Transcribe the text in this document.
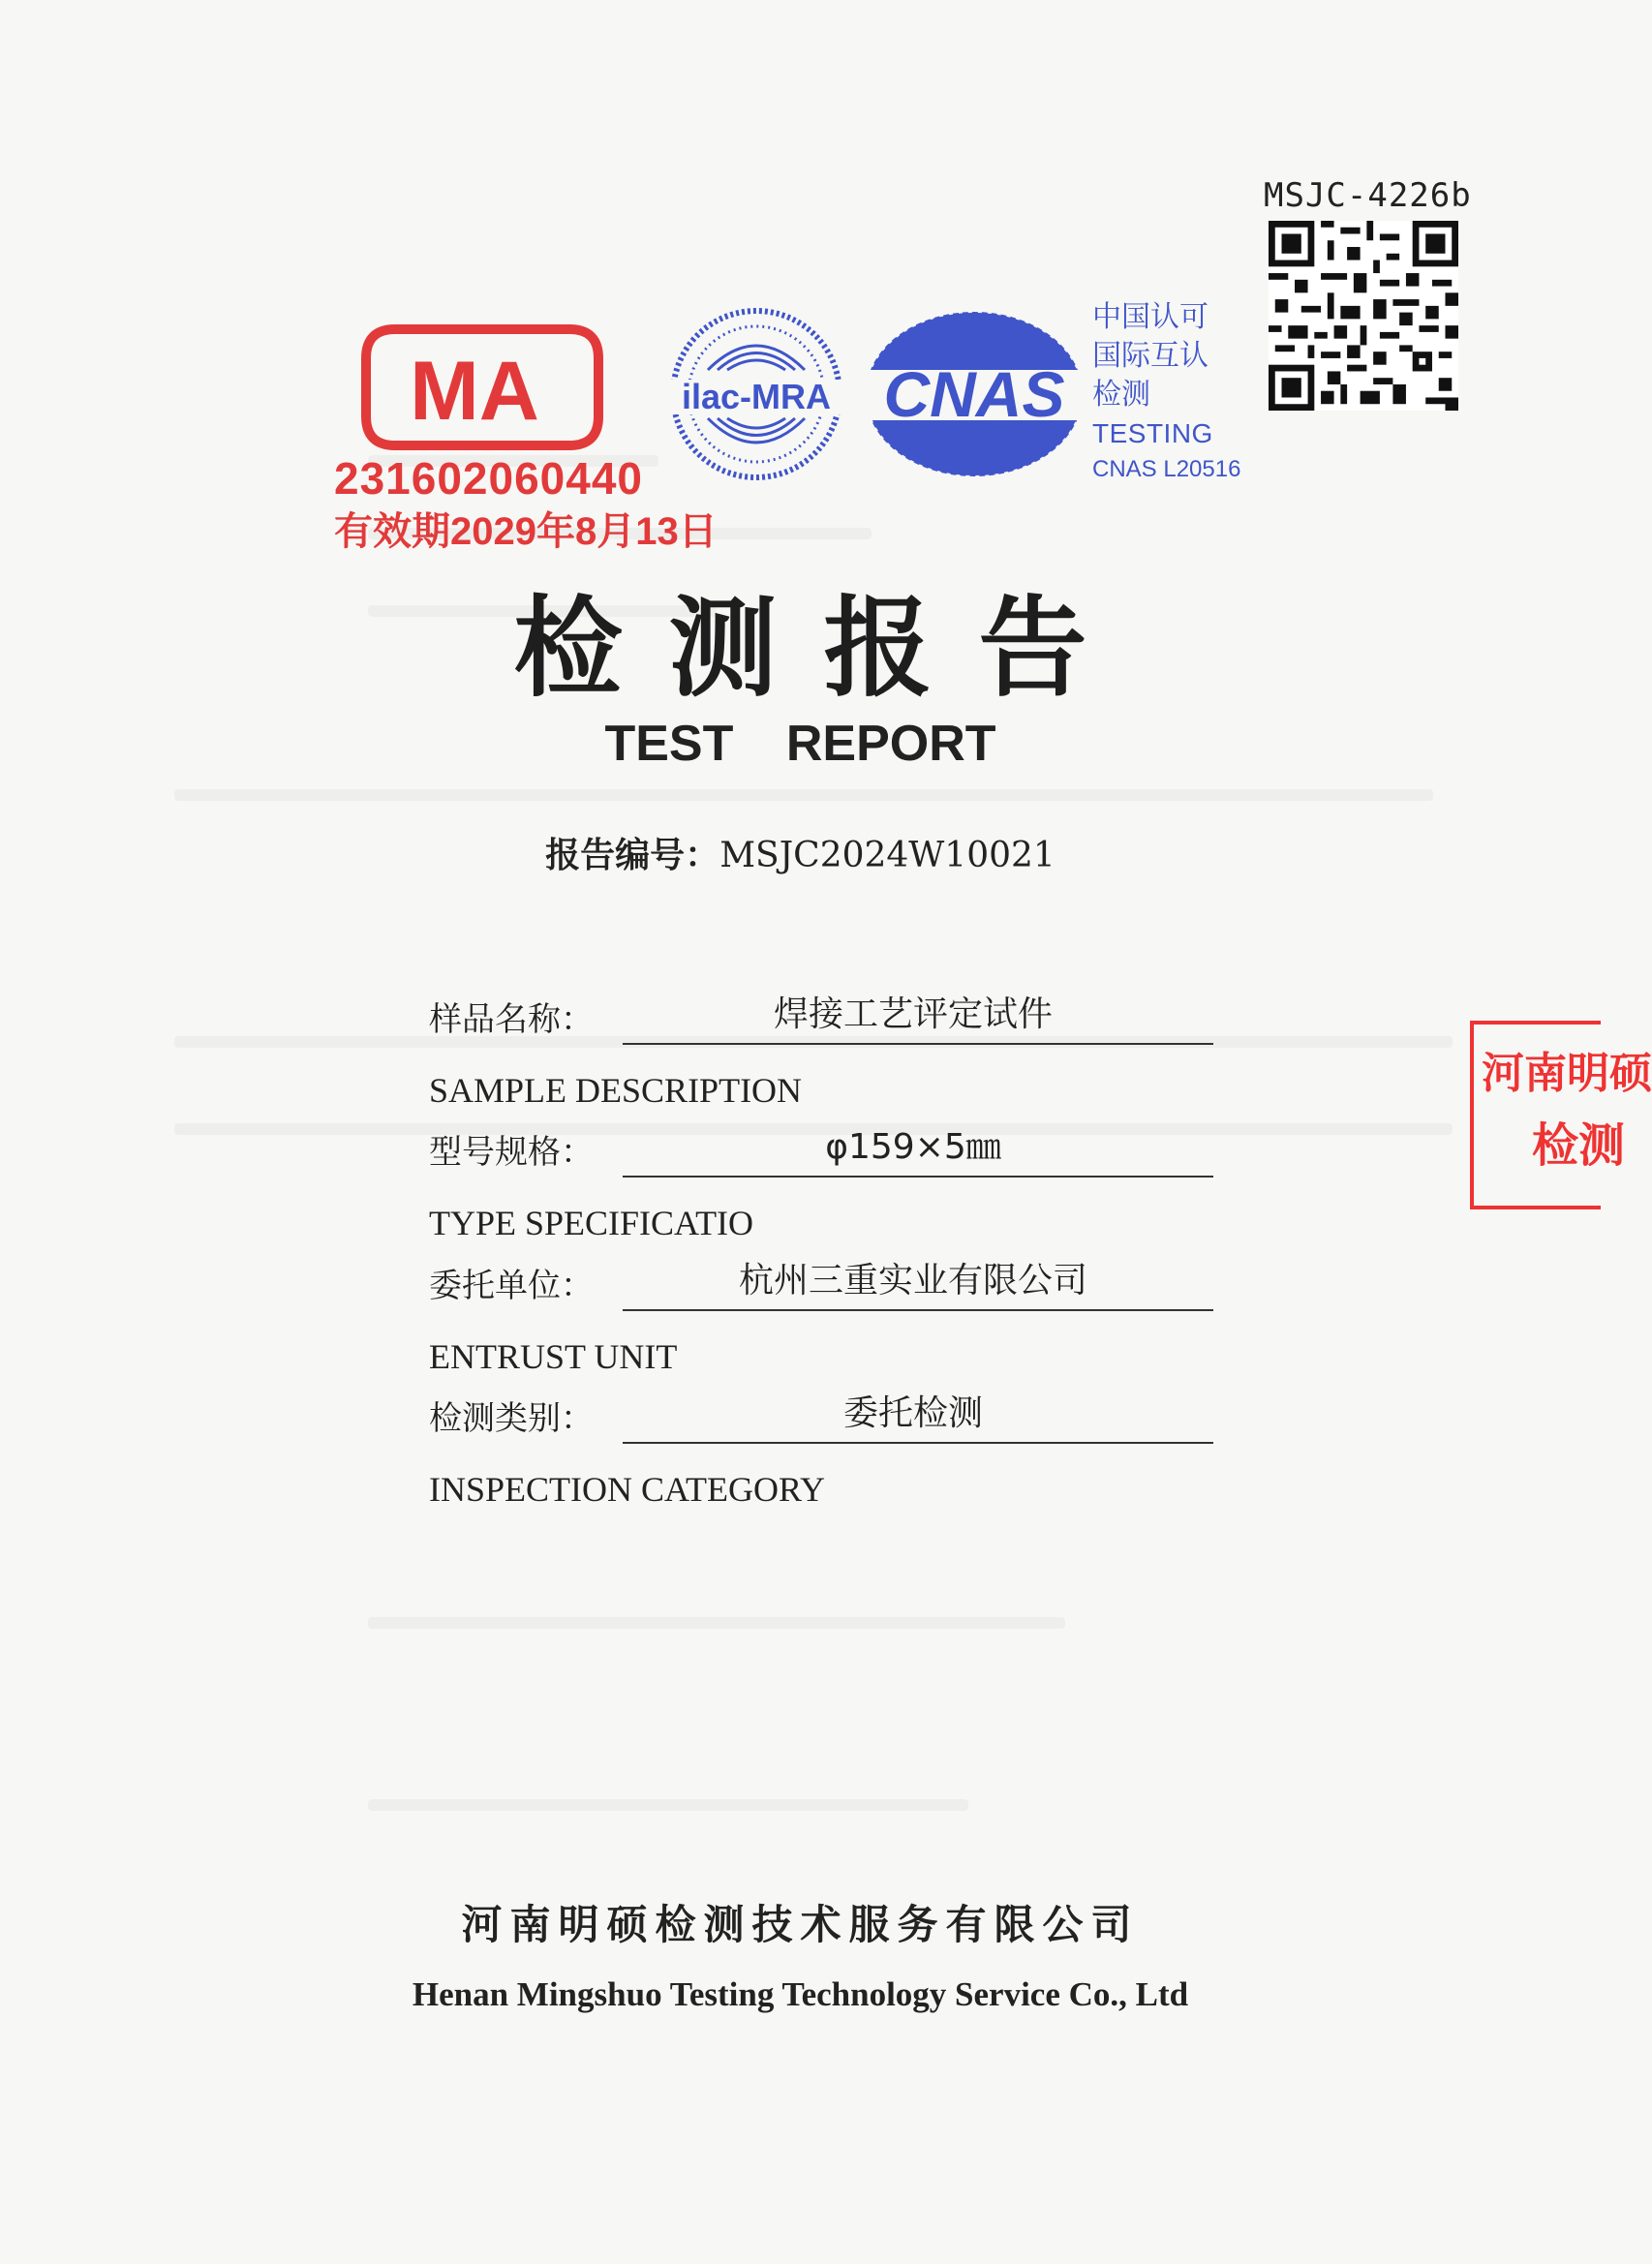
MSJC-4226b
MA
231602060440
有效期2029年8月13日
ilac-MRA CNAS
中国认可
国际互认
检测
TESTING
CNAS L20516
检测报告
TEST REPORT
报告编号：MSJC2024W10021
样品名称：	焊接工艺评定试件
SAMPLE DESCRIPTION
型号规格：	φ159×5㎜
TYPE SPECIFICATIO
委托单位：	杭州三重实业有限公司
ENTRUST UNIT
检测类别：	委托检测
INSPECTION CATEGORY
河南明硕检测技术服务有限公司
Henan Mingshuo Testing Technology Service Co., Ltd
河南明硕
检测
